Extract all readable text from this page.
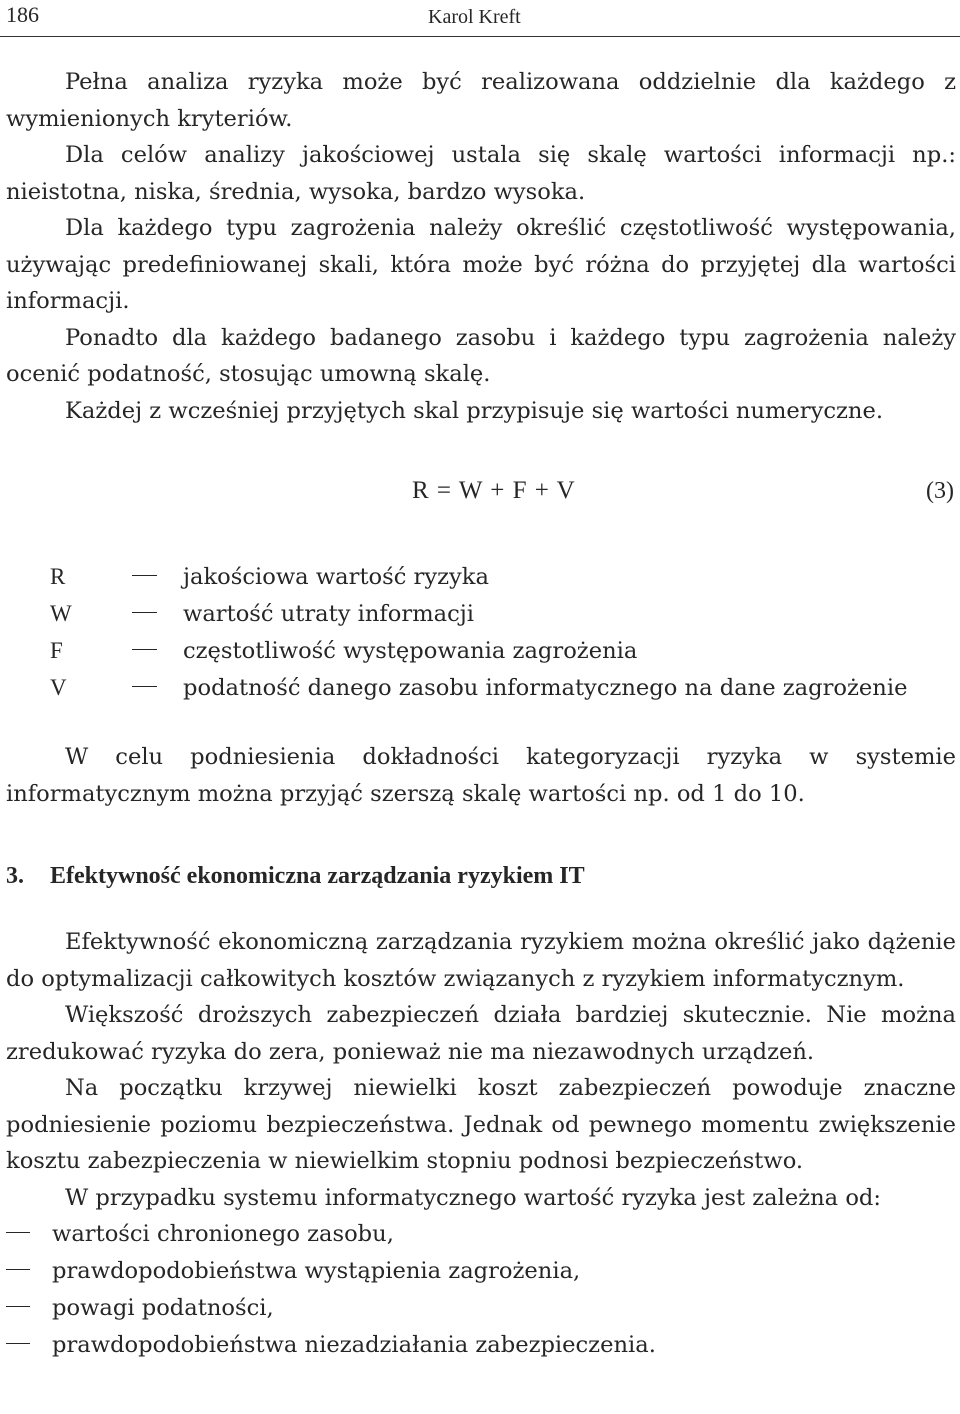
186	Karol Kreft

Pełna analiza ryzyka może być realizowana oddzielnie dla każdego z wymienionych kryteriów.

Dla celów analizy jakościowej ustala się skalę wartości informacji np.: nieistotna, niska, średnia, wysoka, bardzo wysoka.

Dla każdego typu zagrożenia należy określić częstotliwość występowania, używając predefiniowanej skali, która może być różna do przyjętej dla wartości informacji.

Ponadto dla każdego badanego zasobu i każdego typu zagrożenia należy ocenić podatność, stosując umowną skalę.

Każdej z wcześniej przyjętych skal przypisuje się wartości numeryczne.

R = W + F + V	(3)
R	jakościowa wartość ryzyka
W	wartość utraty informacji
F	częstotliwość występowania zagrożenia
V	podatność danego zasobu informatycznego na dane zagrożenie

W celu podniesienia dokładności kategoryzacji ryzyka w systemie informatycznym można przyjąć szerszą skalę wartości np. od 1 do 10.

3. Efektywność ekonomiczna zarządzania ryzykiem IT

Efektywność ekonomiczną zarządzania ryzykiem można określić jako dążenie do optymalizacji całkowitych kosztów związanych z ryzykiem informatycznym.

Większość droższych zabezpieczeń działa bardziej skutecznie. Nie można zredukować ryzyka do zera, ponieważ nie ma niezawodnych urządzeń.

Na początku krzywej niewielki koszt zabezpieczeń powoduje znaczne podniesienie poziomu bezpieczeństwa. Jednak od pewnego momentu zwiększenie kosztu zabezpieczenia w niewielkim stopniu podnosi bezpieczeństwo.

W przypadku systemu informatycznego wartość ryzyka jest zależna od:

wartości chronionego zasobu,
prawdopodobieństwa wystąpienia zagrożenia,
powagi podatności,
prawdopodobieństwa niezadziałania zabezpieczenia.
